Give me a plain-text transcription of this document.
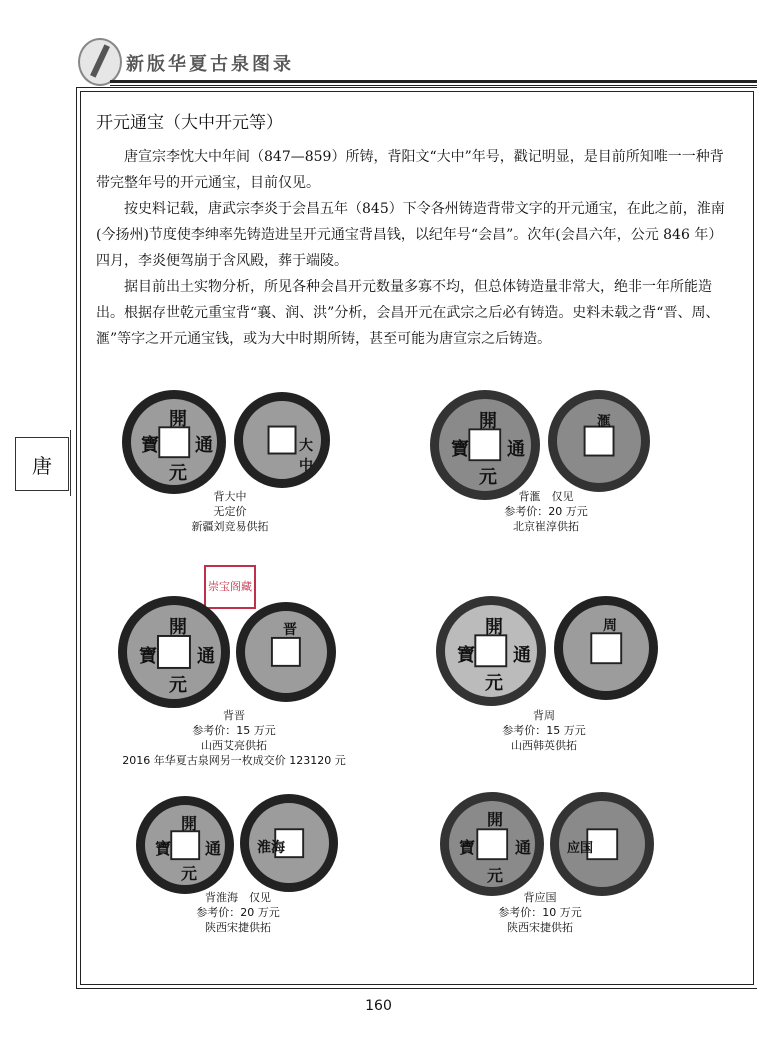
新版华夏古泉图录
唐
开元通宝（大中开元等）

唐宣宗李忱大中年间（847—859）所铸，背阳文“大中”年号，戳记明显，是目前所知唯一一种背带完整年号的开元通宝，目前仅见。

按史料记载，唐武宗李炎于会昌五年（845）下令各州铸造背带文字的开元通宝，在此之前，淮南(今扬州)节度使李绅率先铸造进呈开元通宝背昌钱，以纪年号“会昌”。次年(会昌六年，公元 846 年）四月，李炎便驾崩于含风殿，葬于端陵。

据目前出土实物分析，所见各种会昌开元数量多寡不均，但总体铸造量非常大，绝非一年所能造出。根据存世乾元重宝背“襄、润、洪”分析，会昌开元在武宗之后必有铸造。史料未载之背“晋、周、滙”等字之开元通宝钱，或为大中时期所铸，甚至可能为唐宣宗之后铸造。

開
元
通
寶	大中
背大中
无定价
新疆刘竞易供拓
開
元
通
寶
滙
背滙　仅见
参考价：20 万元
北京崔淳供拓
崇宝阁藏
開
元
通
寶
晋
背晋
参考价：15 万元
山西艾亮供拓
2016 年华夏古泉网另一枚成交价 123120 元
開
元
通
寶
周
背周
参考价：15 万元
山西韩英供拓
開
元
通
寶	淮海
背淮海　仅见
参考价：20 万元
陕西宋捷供拓
開
元
通
寶	应国
背应国
参考价：10 万元
陕西宋捷供拓
160
